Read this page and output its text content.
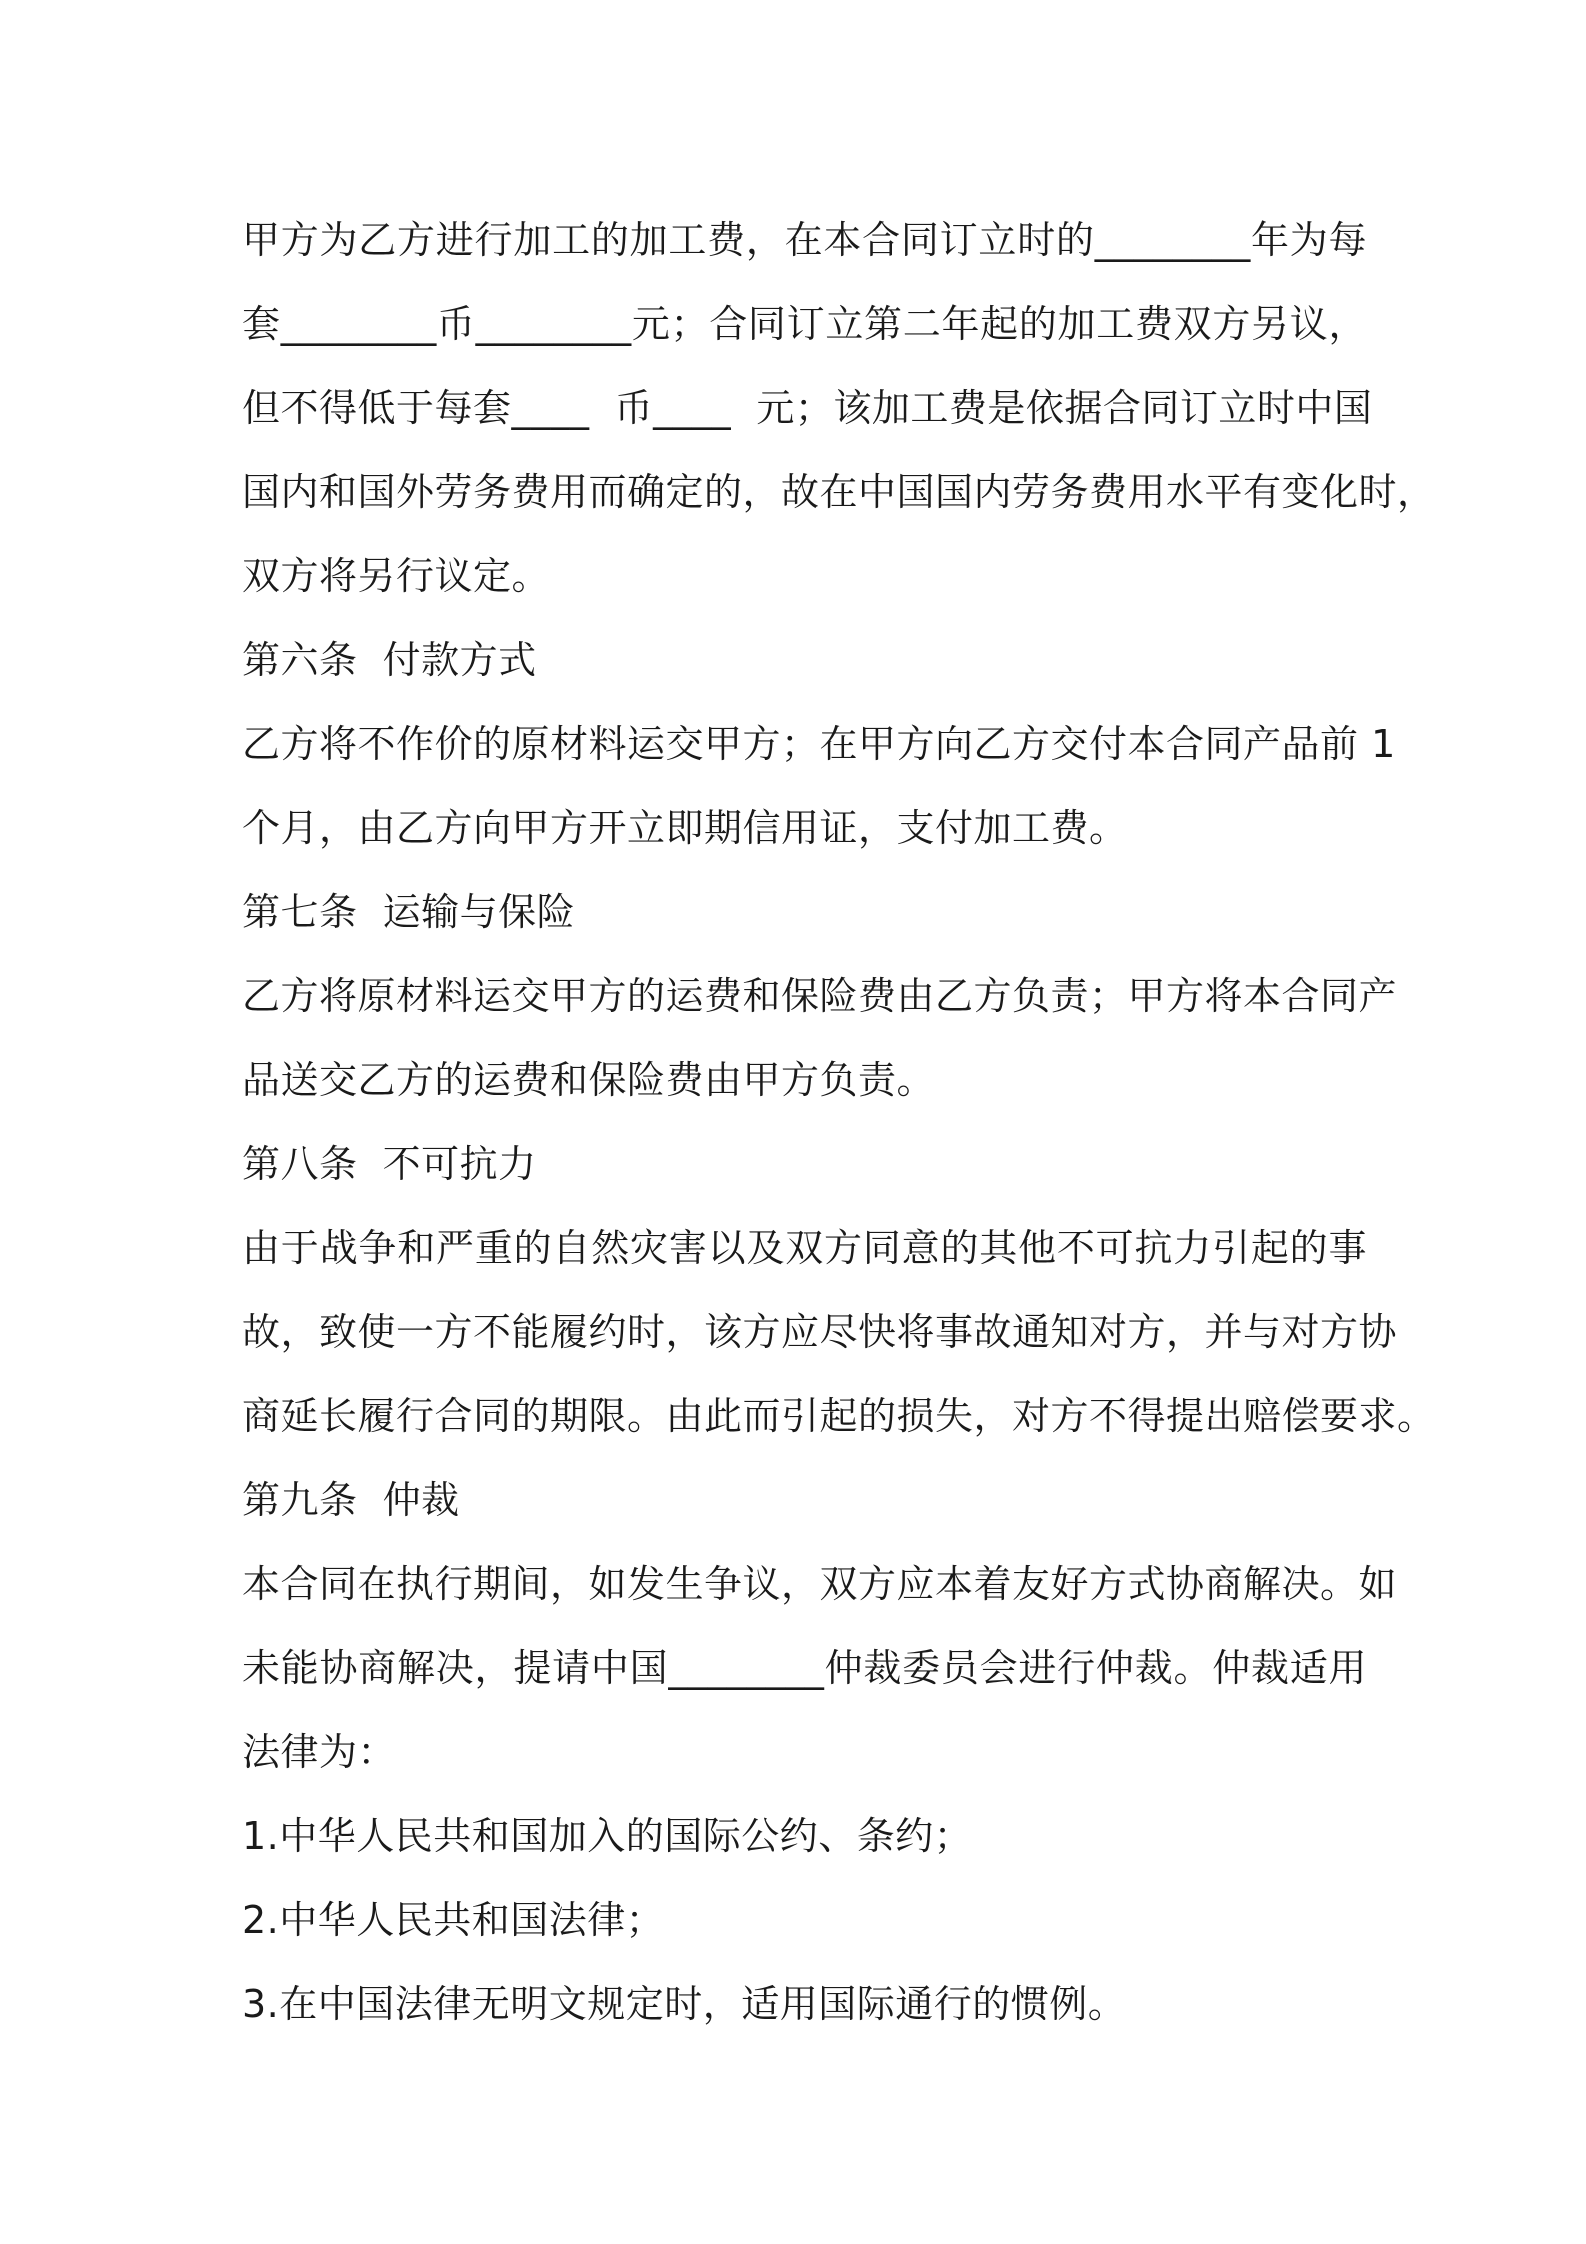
甲方为乙方进行加工的加工费，在本合同订立时的________年为每
套________币________元；合同订立第二年起的加工费双方另议，
但不得低于每套____  币____  元；该加工费是依据合同订立时中国
国内和国外劳务费用而确定的，故在中国国内劳务费用水平有变化时，
双方将另行议定。
第六条  付款方式
乙方将不作价的原材料运交甲方；在甲方向乙方交付本合同产品前 1
个月，由乙方向甲方开立即期信用证，支付加工费。
第七条  运输与保险
乙方将原材料运交甲方的运费和保险费由乙方负责；甲方将本合同产
品送交乙方的运费和保险费由甲方负责。
第八条  不可抗力
由于战争和严重的自然灾害以及双方同意的其他不可抗力引起的事
故，致使一方不能履约时，该方应尽快将事故通知对方，并与对方协
商延长履行合同的期限。由此而引起的损失，对方不得提出赔偿要求。
第九条  仲裁
本合同在执行期间，如发生争议，双方应本着友好方式协商解决。如
未能协商解决，提请中国________仲裁委员会进行仲裁。仲裁适用
法律为：
1.中华人民共和国加入的国际公约、条约；
2.中华人民共和国法律；
3.在中国法律无明文规定时，适用国际通行的惯例。
